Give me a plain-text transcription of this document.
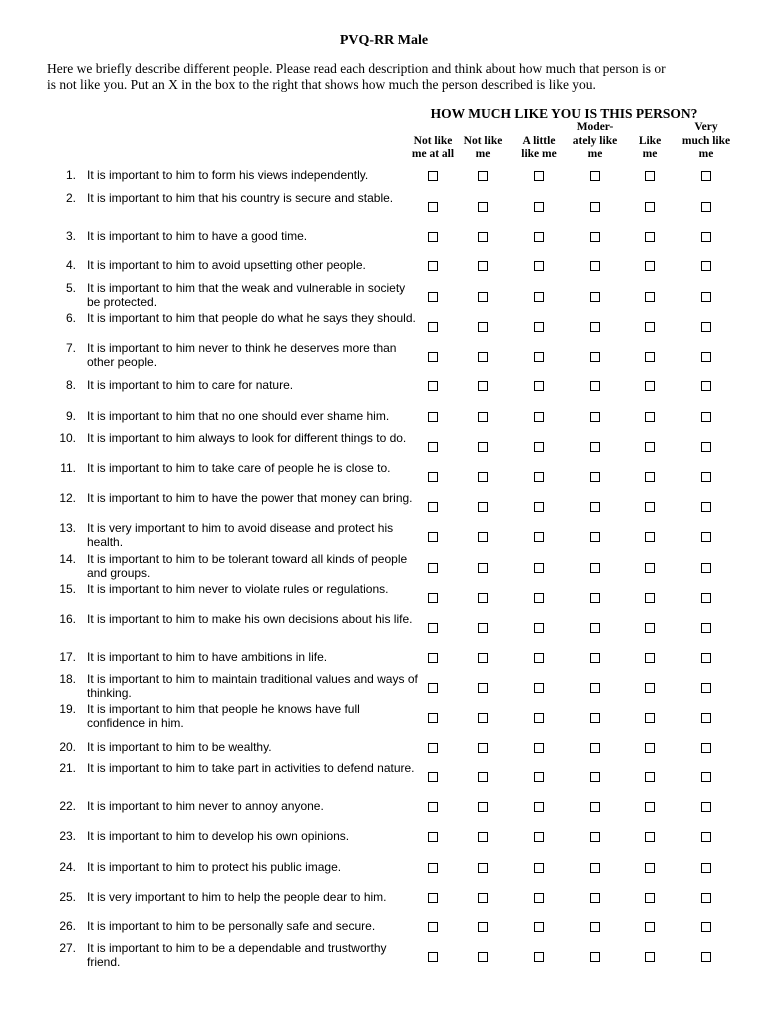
PVQ-RR Male

Here we briefly describe different people. Please read each description and think about how much that person is or

is not like you. Put an X in the box to the right that shows how much the person described is like you.

HOW MUCH LIKE YOU IS THIS PERSON?
Not like
me at all
Not like
me
A little
like me
Moder-
ately like
me
Like
me
Very
much like
me
1. It is important to him to form his views independently.
2. It is important to him that his country is secure and stable.
3. It is important to him to have a good time.
4. It is important to him to avoid upsetting other people.
5. It is important to him that the weak and vulnerable in society be protected.
6. It is important to him that people do what he says they should.
7. It is important to him never to think he deserves more than other people.
8. It is important to him to care for nature.
9. It is important to him that no one should ever shame him.
10. It is important to him always to look for different things to do.
11. It is important to him to take care of people he is close to.
12. It is important to him to have the power that money can bring.
13. It is very important to him to avoid disease and protect his health.
14. It is important to him to be tolerant toward all kinds of people and groups.
15. It is important to him never to violate rules or regulations.
16. It is important to him to make his own decisions about his life.
17. It is important to him to have ambitions in life.
18. It is important to him to maintain traditional values and ways of thinking.
19. It is important to him that people he knows have full confidence in him.
20. It is important to him to be wealthy.
21. It is important to him to take part in activities to defend nature.
22. It is important to him never to annoy anyone.
23. It is important to him to develop his own opinions.
24. It is important to him to protect his public image.
25. It is very important to him to help the people dear to him.
26. It is important to him to be personally safe and secure.
27. It is important to him to be a dependable and trustworthy friend.
